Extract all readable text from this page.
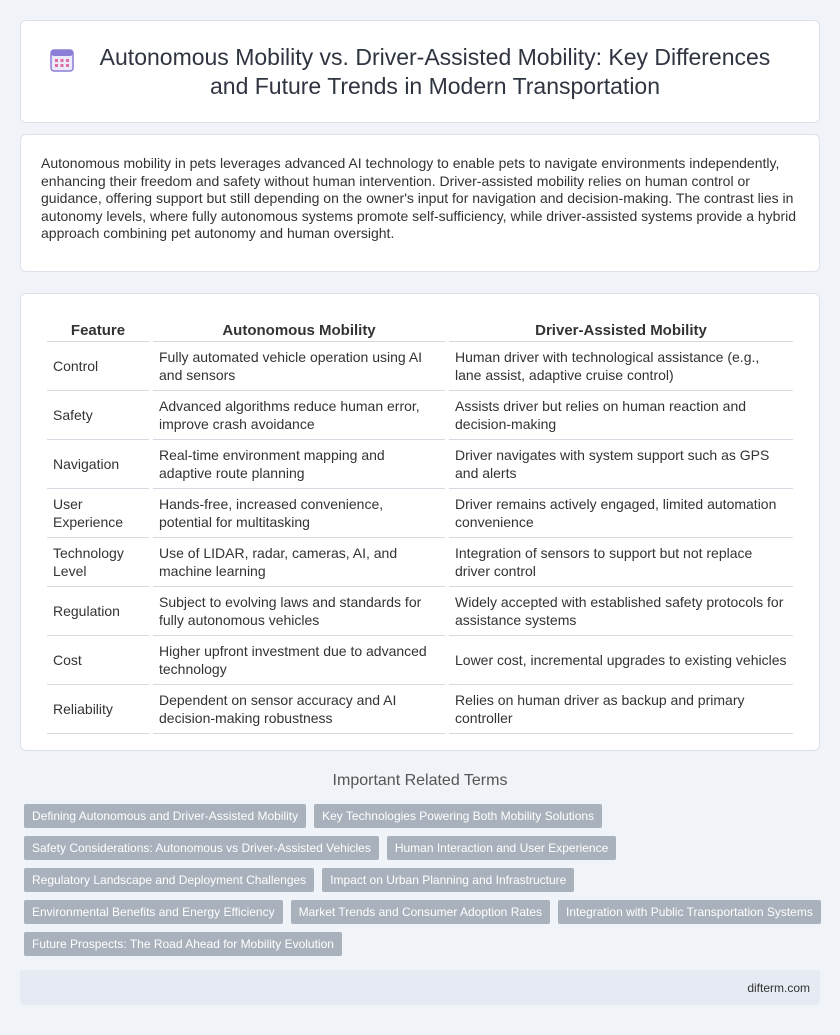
Autonomous Mobility vs. Driver-Assisted Mobility: Key Differences and Future Trends in Modern Transportation

Autonomous mobility in pets leverages advanced AI technology to enable pets to navigate environments independently, enhancing their freedom and safety without human intervention. Driver-assisted mobility relies on human control or guidance, offering support but still depending on the owner's input for navigation and decision-making. The contrast lies in autonomy levels, where fully autonomous systems promote self-sufficiency, while driver-assisted systems provide a hybrid approach combining pet autonomy and human oversight.

Feature	Autonomous Mobility	Driver-Assisted Mobility
Control	Fully automated vehicle operation using AI and sensors	Human driver with technological assistance (e.g., lane assist, adaptive cruise control)
Safety	Advanced algorithms reduce human error, improve crash avoidance	Assists driver but relies on human reaction and decision-making
Navigation	Real-time environment mapping and adaptive route planning	Driver navigates with system support such as GPS and alerts
User Experience	Hands-free, increased convenience, potential for multitasking	Driver remains actively engaged, limited automation convenience
Technology Level	Use of LIDAR, radar, cameras, AI, and machine learning	Integration of sensors to support but not replace driver control
Regulation	Subject to evolving laws and standards for fully autonomous vehicles	Widely accepted with established safety protocols for assistance systems
Cost	Higher upfront investment due to advanced technology	Lower cost, incremental upgrades to existing vehicles
Reliability	Dependent on sensor accuracy and AI decision-making robustness	Relies on human driver as backup and primary controller
Important Related Terms
Defining Autonomous and Driver-Assisted Mobility	Key Technologies Powering Both Mobility Solutions
Safety Considerations: Autonomous vs Driver-Assisted Vehicles	Human Interaction and User Experience
Regulatory Landscape and Deployment Challenges	Impact on Urban Planning and Infrastructure
Environmental Benefits and Energy Efficiency	Market Trends and Consumer Adoption Rates	Integration with Public Transportation Systems
Future Prospects: The Road Ahead for Mobility Evolution
difterm.com
